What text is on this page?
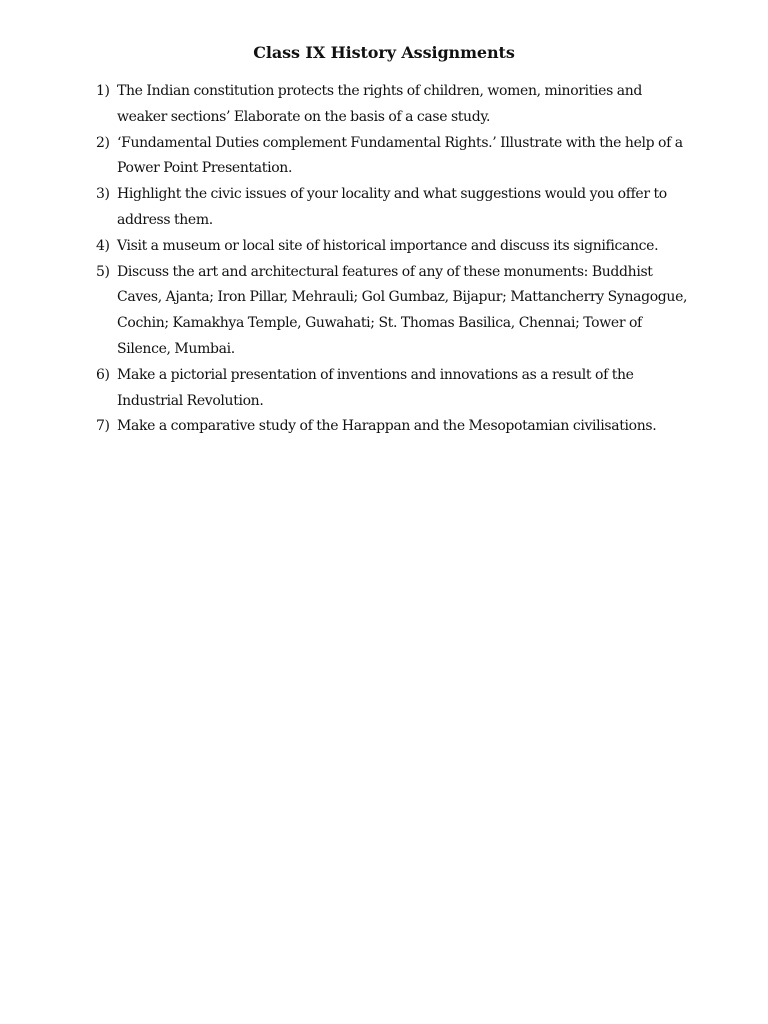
Class IX History Assignments
1) The Indian constitution protects the rights of children, women, minorities and weaker sections’ Elaborate on the basis of a case study.
2) ‘Fundamental Duties complement Fundamental Rights.’ Illustrate with the help of a Power Point Presentation.
3) Highlight the civic issues of your locality and what suggestions would you offer to address them.
4) Visit a museum or local site of historical importance and discuss its significance.
5) Discuss the art and architectural features of any of these monuments: Buddhist Caves, Ajanta; Iron Pillar, Mehrauli; Gol Gumbaz, Bijapur; Mattancherry Synagogue, Cochin; Kamakhya Temple, Guwahati; St. Thomas Basilica, Chennai; Tower of Silence, Mumbai.
6) Make a pictorial presentation of inventions and innovations as a result of the Industrial Revolution.
7) Make a comparative study of the Harappan and the Mesopotamian civilisations.
